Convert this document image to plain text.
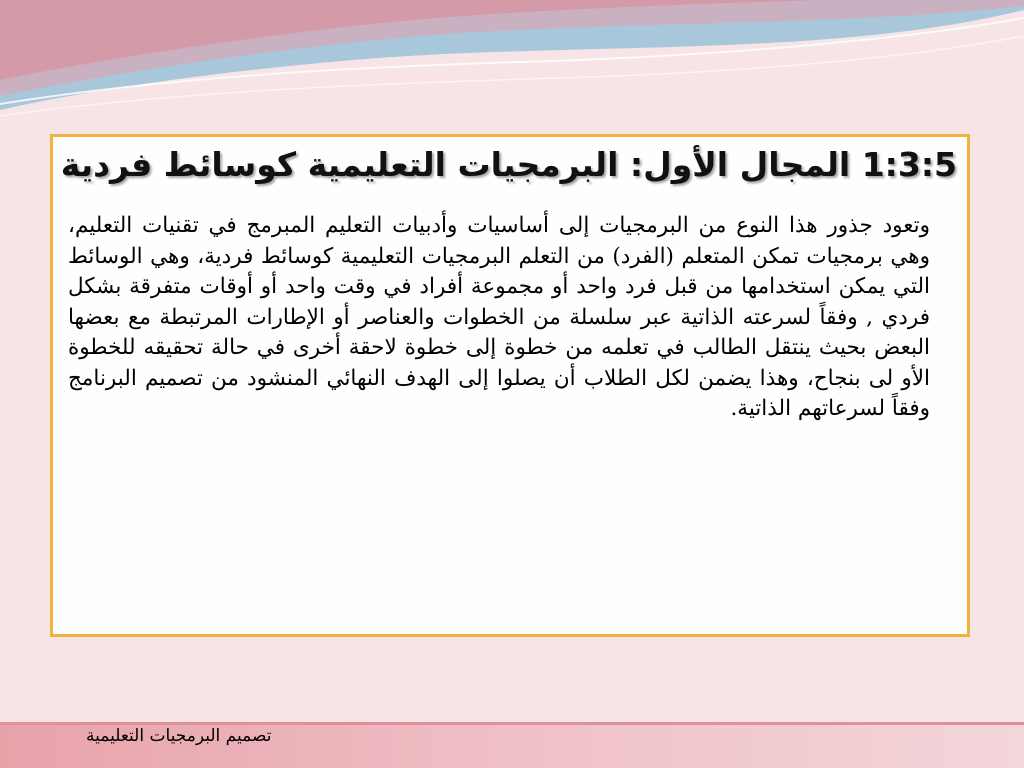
1:3:5 المجال الأول: البرمجيات التعليمية كوسائط فردية

وتعود جذور هذا النوع من البرمجيات إلى أساسيات وأدبيات التعليم المبرمج في تقنيات التعليم، وهي برمجيات تمكن المتعلم (الفرد) من التعلم البرمجيات التعليمية كوسائط فردية، وهي الوسائط التي يمكن استخدامها من قبل فرد واحد أو مجموعة أفراد في وقت واحد أو أوقات متفرقة بشكل فردي , وفقاً لسرعته الذاتية عبر سلسلة من الخطوات والعناصر أو الإطارات المرتبطة مع بعضها البعض بحيث ينتقل الطالب في تعلمه من خطوة إلى خطوة لاحقة أخرى في حالة تحقيقه للخطوة الأو لى بنجاح، وهذا يضمن لكل الطلاب أن يصلوا إلى الهدف النهائي المنشود من تصميم البرنامج وفقاً لسرعاتهم الذاتية.

تصميم البرمجيات التعليمية
